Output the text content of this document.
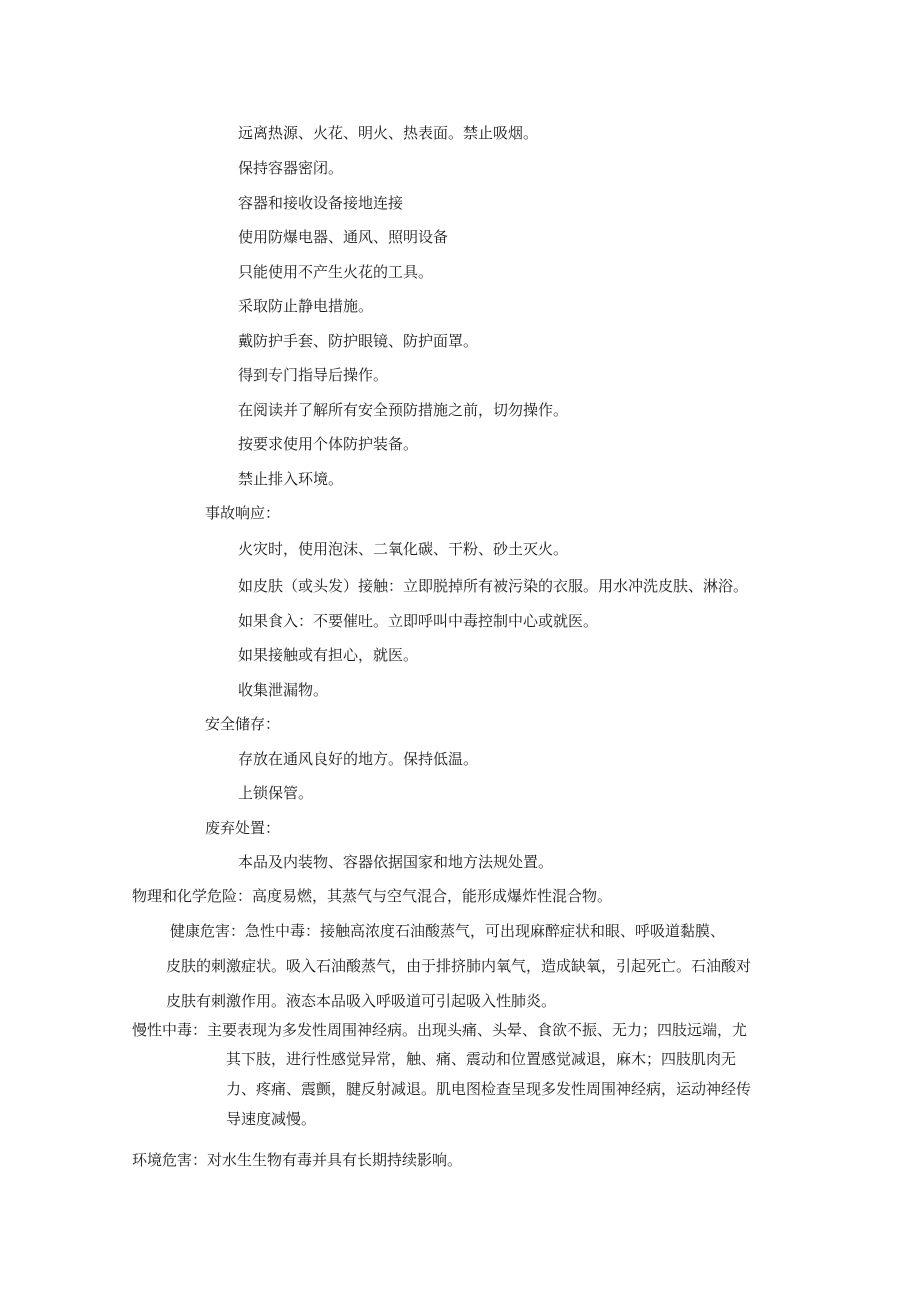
远离热源、火花、明火、热表面。禁止吸烟。
保持容器密闭。
容器和接收设备接地连接
使用防爆电器、通风、照明设备
只能使用不产生火花的工具。
采取防止静电措施。
戴防护手套、防护眼镜、防护面罩。
得到专门指导后操作。
在阅读并了解所有安全预防措施之前，切勿操作。
按要求使用个体防护装备。
禁止排入环境。
事故响应：
火灾时，使用泡沫、二氧化碳、干粉、砂土灭火。
如皮肤（或头发）接触：立即脱掉所有被污染的衣服。用水冲洗皮肤、淋浴。
如果食入：不要催吐。立即呼叫中毒控制中心或就医。
如果接触或有担心，就医。
收集泄漏物。
安全储存：
存放在通风良好的地方。保持低温。
上锁保管。
废弃处置：
本品及内装物、容器依据国家和地方法规处置。
物理和化学危险：高度易燃，其蒸气与空气混合，能形成爆炸性混合物。
健康危害：急性中毒：接触高浓度石油酸蒸气，可出现麻醉症状和眼、呼吸道黏膜、
皮肤的刺激症状。吸入石油酸蒸气，由于排挤肺内氧气，造成缺氧，引起死亡。石油酸对
皮肤有刺激作用。液态本品吸入呼吸道可引起吸入性肺炎。
慢性中毒：主要表现为多发性周围神经病。出现头痛、头晕、食欲不振、无力；四肢远端，尤
其下肢，进行性感觉异常，触、痛、震动和位置感觉减退，麻木；四肢肌肉无
力、疼痛、震颤，腱反射减退。肌电图检查呈现多发性周围神经病，运动神经传
导速度减慢。
环境危害：对水生生物有毒并具有长期持续影响。
